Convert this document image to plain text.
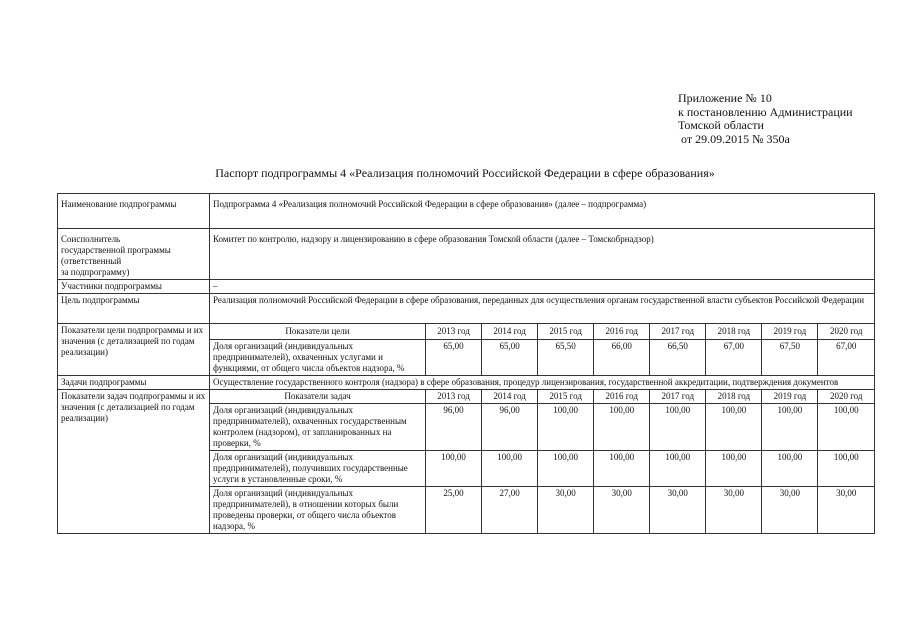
Приложение № 10
к постановлению Администрации
Томской области
от 29.09.2015 № 350а
Паспорт подпрограммы 4 «Реализация полномочий Российской Федерации в сфере образования»
Наименование подпрограммы	Подпрограмма 4 «Реализация полномочий Российской Федерации в сфере образования» (далее – подпрограмма)

Соисполнитель
государственной программы
(ответственный
за подпрограмму)
	Комитет по контролю, надзору и лицензированию в сфере образования Томской области (далее – Томскобрнадзор)
Участники подпрограммы	–
Цель подпрограммы	Реализация полномочий Российской Федерации в сфере образования, переданных для осуществления органам государственной власти субъектов Российской Федерации
Показатели цели подпрограммы и их значения (с детализацией по годам реализации)	
Показатели цели	2013 год	2014 год	2015 год	2016 год	2017 год	2018 год	2019 год	2020 год
Доля организаций (индивидуальных предпринимателей), охваченных услугами и функциями, от общего числа объектов надзора, %	65,00	65,00	65,50	66,00	66,50	67,00	67,50	67,00

Задачи подпрограммы	Осуществление государственного контроля (надзора) в сфере образования, процедур лицензирования, государственной аккредитации, подтверждения документов
Показатели задач подпрограммы и их значения (с детализацией по годам реализации)	
Показатели задач	2013 год	2014 год	2015 год	2016 год	2017 год	2018 год	2019 год	2020 год
Доля организаций (индивидуальных предпринимателей), охваченных государственным контролем (надзором), от запланированных на проверки, %	96,00	96,00	100,00	100,00	100,00	100,00	100,00	100,00
Доля организаций (индивидуальных предпринимателей), получивших государственные услуги в установленные сроки, %	100,00	100,00	100,00	100,00	100,00	100,00	100,00	100,00
Доля организаций (индивидуальных предпринимателей), в отношении которых были проведены проверки, от общего числа объектов надзора, %	25,00	27,00	30,00	30,00	30,00	30,00	30,00	30,00
